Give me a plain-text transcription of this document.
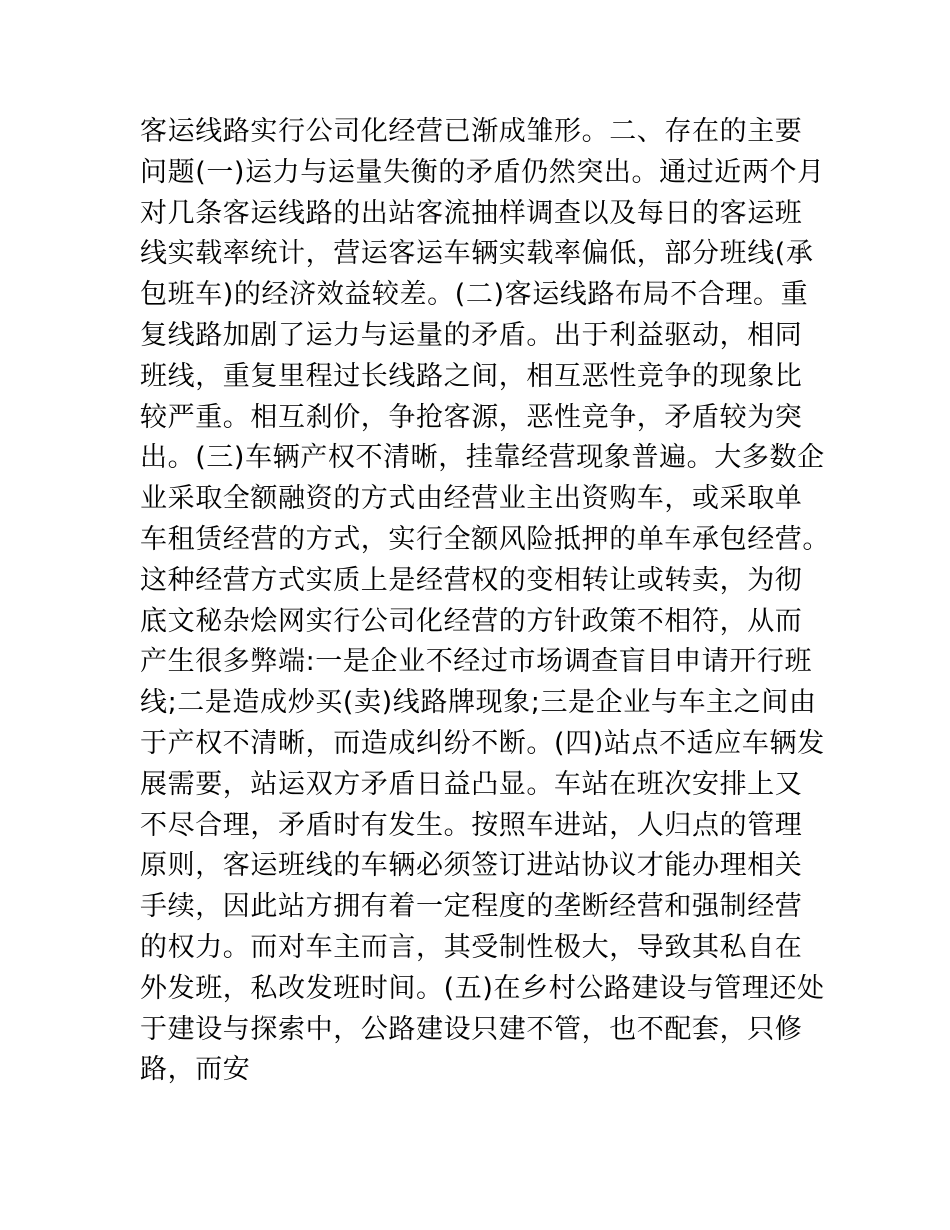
客运线路实行公司化经营已渐成雏形。二、存在的主要
问题(一)运力与运量失衡的矛盾仍然突出。通过近两个月
对几条客运线路的出站客流抽样调查以及每日的客运班
线实载率统计，营运客运车辆实载率偏低，部分班线(承
包班车)的经济效益较差。(二)客运线路布局不合理。重
复线路加剧了运力与运量的矛盾。出于利益驱动，相同
班线，重复里程过长线路之间，相互恶性竞争的现象比
较严重。相互刹价，争抢客源，恶性竞争，矛盾较为突
出。(三)车辆产权不清晰，挂靠经营现象普遍。大多数企
业采取全额融资的方式由经营业主出资购车，或采取单
车租赁经营的方式，实行全额风险抵押的单车承包经营。
这种经营方式实质上是经营权的变相转让或转卖，为彻
底文秘杂烩网实行公司化经营的方针政策不相符，从而
产生很多弊端:一是企业不经过市场调查盲目申请开行班
线;二是造成炒买(卖)线路牌现象;三是企业与车主之间由
于产权不清晰，而造成纠纷不断。(四)站点不适应车辆发
展需要，站运双方矛盾日益凸显。车站在班次安排上又
不尽合理，矛盾时有发生。按照车进站，人归点的管理
原则，客运班线的车辆必须签订进站协议才能办理相关
手续，因此站方拥有着一定程度的垄断经营和强制经营
的权力。而对车主而言，其受制性极大，导致其私自在
外发班，私改发班时间。(五)在乡村公路建设与管理还处
于建设与探索中，公路建设只建不管，也不配套，只修
路，而安
